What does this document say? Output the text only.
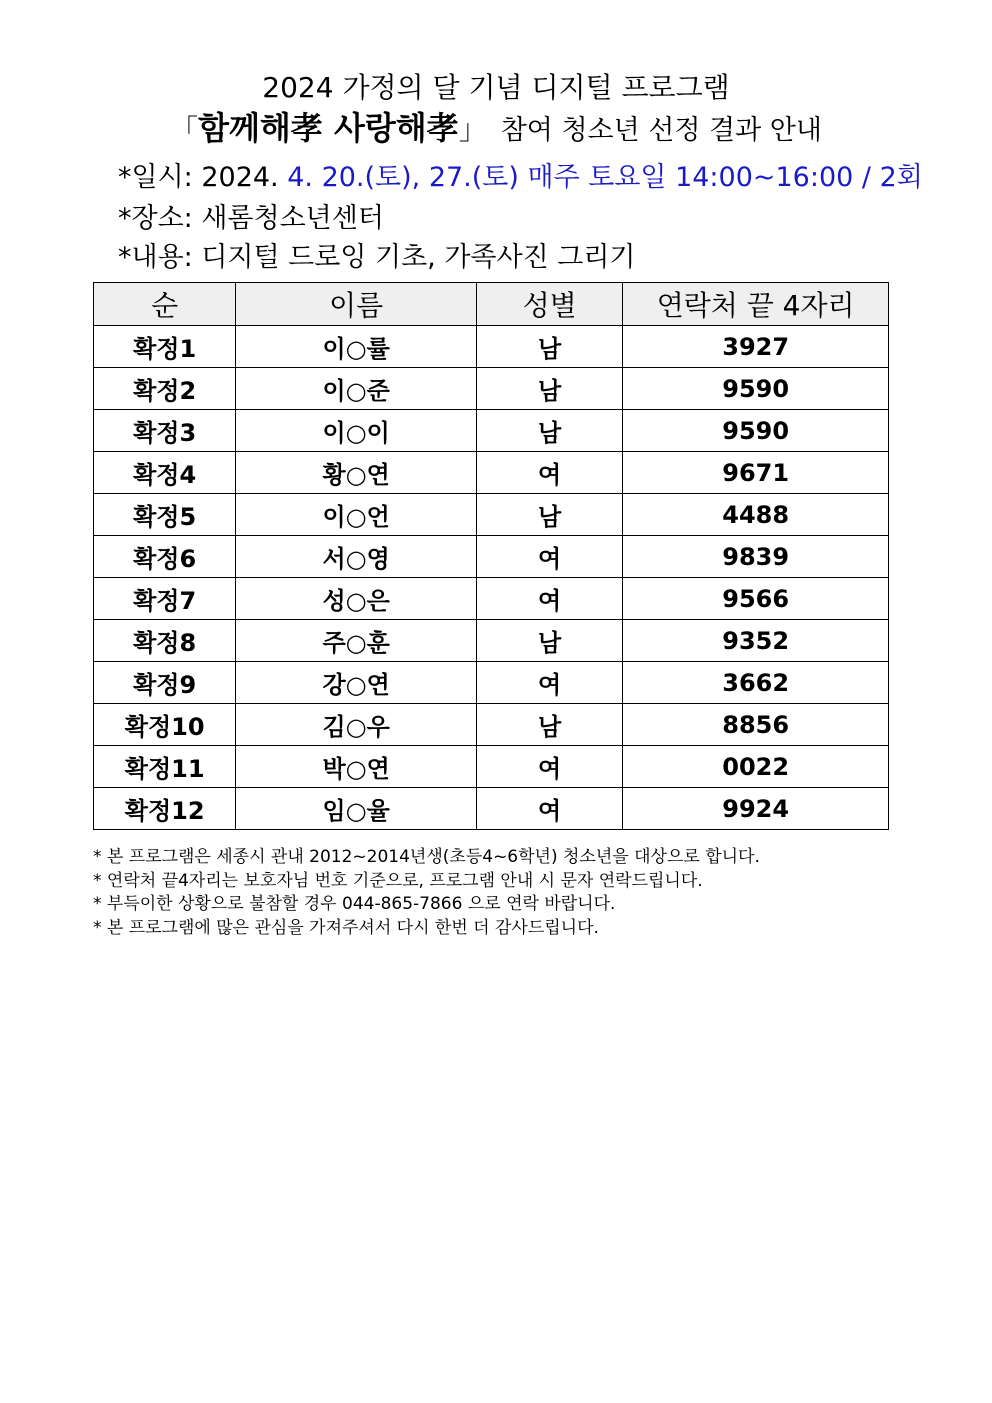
2024 가정의 달 기념 디지털 프로그램
「함께해孝 사랑해孝」 참여 청소년 선정 결과 안내
*일시: 2024. 4. 20.(토), 27.(토) 매주 토요일 14:00~16:00 / 2회
*장소: 새롬청소년센터
*내용: 디지털 드로잉 기초, 가족사진 그리기
순	이름	성별	연락처 끝 4자리
확정1	이○률	남	3927
확정2	이○준	남	9590
확정3	이○이	남	9590
확정4	황○연	여	9671
확정5	이○언	남	4488
확정6	서○영	여	9839
확정7	성○은	여	9566
확정8	주○훈	남	9352
확정9	강○연	여	3662
확정10	김○우	남	8856
확정11	박○연	여	0022
확정12	임○율	여	9924
* 본 프로그램은 세종시 관내 2012~2014년생(초등4~6학년) 청소년을 대상으로 합니다.
* 연락처 끝4자리는 보호자님 번호 기준으로, 프로그램 안내 시 문자 연락드립니다.
* 부득이한 상황으로 불참할 경우 044-865-7866 으로 연락 바랍니다.
* 본 프로그램에 많은 관심을 가져주셔서 다시 한번 더 감사드립니다.
